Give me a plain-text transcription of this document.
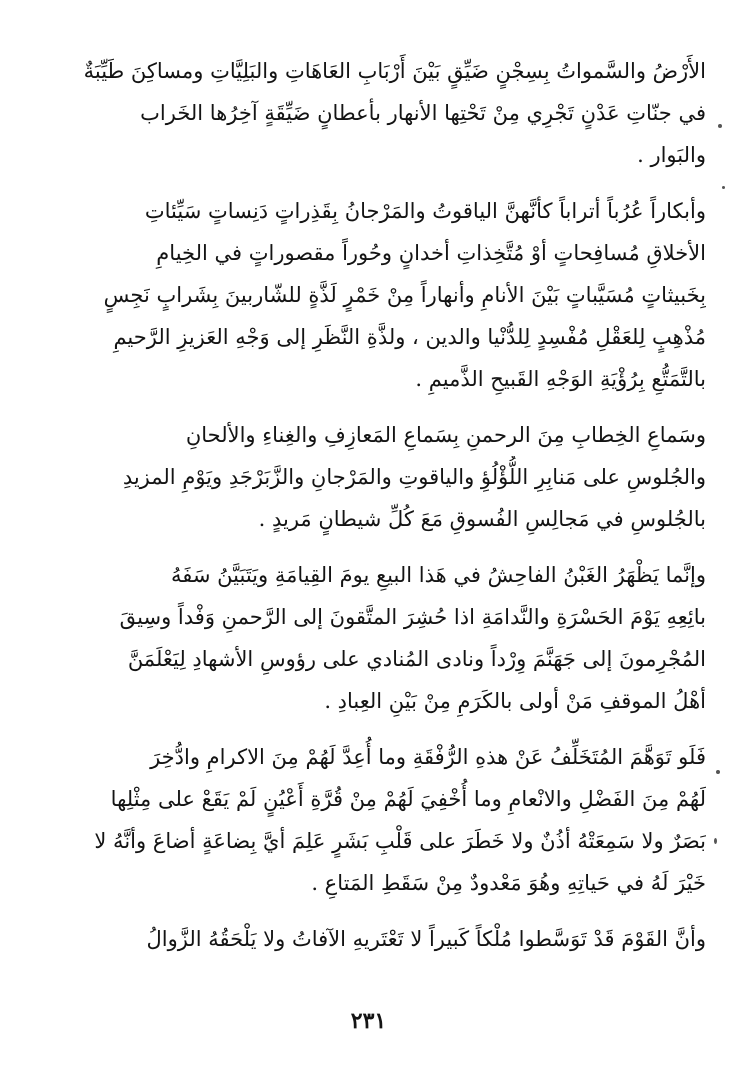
الأَرْضُ والسَّمواتُ بِسِجْنٍ ضَيِّقٍ بَيْنَ أَرْبَابِ العَاهَاتِ والبَلِيَّاتِ ومساكِنَ طَيِّبَةٌ
في جنّاتِ عَدْنٍ تَجْرِي مِنْ تَحْتِها الأنهار بأعطانٍ ضَيِّقَةٍ آخِرُها الخَراب
والبَوار .
وأبكاراً عُرُباً أتراباً كأنَّهنَّ الياقوتُ والمَرْجانُ بِقَذِراتٍ دَنِساتٍ سَيِّئاتِ
الأخلاقِ مُسافِحاتٍ أوْ مُتَّخِذاتِ أخدانٍ وحُوراً مقصوراتٍ في الخِيامِ
بِخَبيثاتٍ مُسَيَّباتٍ بَيْنَ الأنامِ وأنهاراً مِنْ خَمْرٍ لَذَّةٍ للشّاربينَ بِشَرابٍ نَجِسٍ
مُذْهِبٍ لِلعَقْلِ مُفْسِدٍ لِلدُّنْيا والدين ، ولذَّةِ النَّظَرِ إلى وَجْهِ العَزيزِ الرَّحيمِ
بالتَّمَتُّعِ بِرُؤْيَةِ الوَجْهِ القَبيحِ الذَّميمِ .
وسَماعِ الخِطابِ مِنَ الرحمنِ بِسَماعِ المَعازِفِ والغِناءِ والألحانِ
والجُلوسِ على مَنابِرِ اللُّؤْلُؤِ والياقوتِ والمَرْجانِ والزَّبَرْجَدِ ويَوْمِ المزيدِ
بالجُلوسِ في مَجالِسِ الفُسوقِ مَعَ كُلِّ شيطانٍ مَريدٍ .
وإنَّما يَظْهَرُ الغَبْنُ الفاحِشُ في هَذا البيعِ يومَ القِيامَةِ ويَتَبَيَّنُ سَفَهُ
بائِعِهِ يَوْمَ الحَسْرَةِ والنَّدامَةِ اذا حُشِرَ المتَّقونَ إلى الرَّحمنِ وَفْداً وسِيقَ
المُجْرِمونَ إلى جَهَنَّمَ وِرْداً ونادى المُنادي على رؤوسِ الأشهادِ لِيَعْلَمَنَّ
أهْلُ الموقفِ مَنْ أولى بالكَرَمِ مِنْ بَيْنِ العِبادِ .
فَلَو تَوَهَّمَ المُتَخَلِّفُ عَنْ هذهِ الرُّفْقَةِ وما أُعِدَّ لَهُمْ مِنَ الاكرامِ وادُّخِرَ
لَهُمْ مِنَ الفَضْلِ والانْعامِ وما أُخْفِيَ لَهُمْ مِنْ قُرَّةِ أَعْيُنٍ لَمْ يَقَعْ على مِثْلِها
بَصَرٌ ولا سَمِعَتْهُ أذُنٌ ولا خَطَرَ على قَلْبِ بَشَرٍ عَلِمَ أيَّ بِضاعَةٍ أضاعَ وأنَّهُ لا
خَيْرَ لَهُ في حَياتِهِ وهُوَ مَعْدودٌ مِنْ سَقَطِ المَتاعِ .
وأنَّ القَوْمَ قَدْ تَوَسَّطوا مُلْكاً كَبيراً لا تَعْتَريهِ الآفاتُ ولا يَلْحَقُهُ الزَّوالُ
٢٣١
